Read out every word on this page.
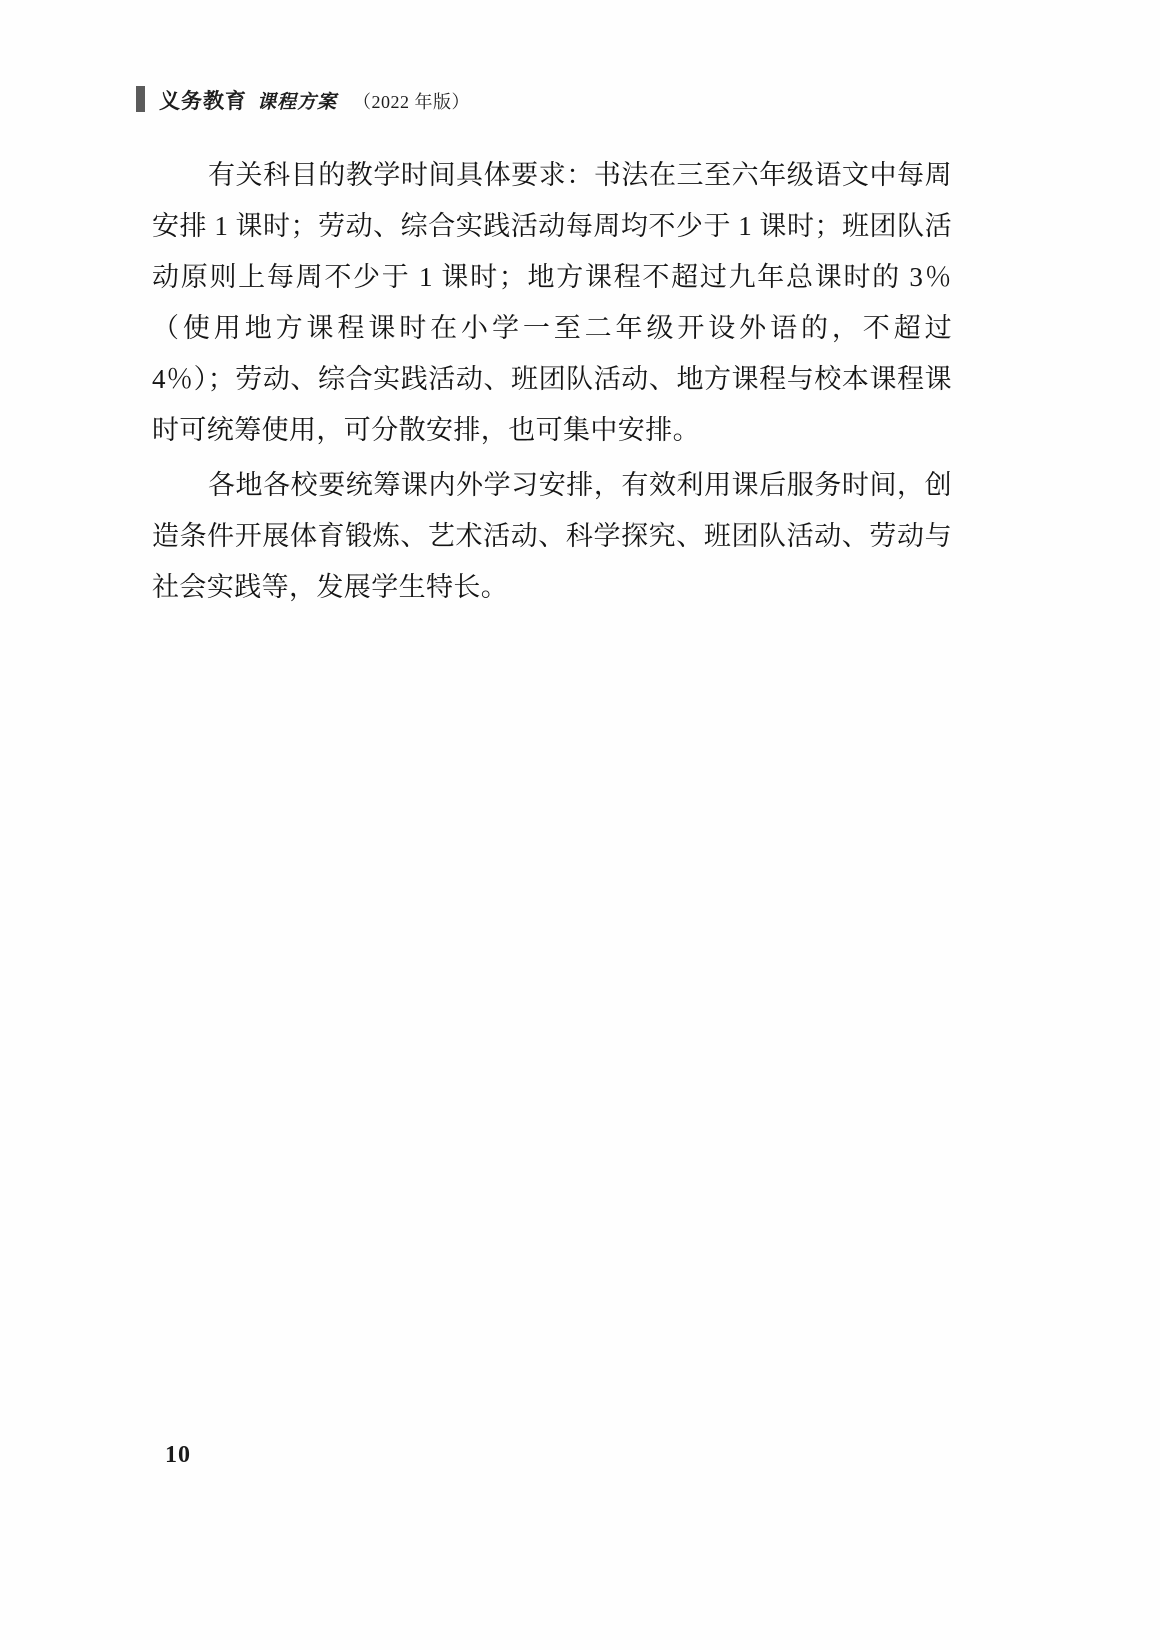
义务教育 课程方案 （2022 年版）

有关科目的教学时间具体要求：书法在三至六年级语文中每周安排 1 课时；劳动、综合实践活动每周均不少于 1 课时；班团队活动原则上每周不少于 1 课时；地方课程不超过九年总课时的 3％（使用地方课程课时在小学一至二年级开设外语的，不超过 4％）；劳动、综合实践活动、班团队活动、地方课程与校本课程课时可统筹使用，可分散安排，也可集中安排。

各地各校要统筹课内外学习安排，有效利用课后服务时间，创造条件开展体育锻炼、艺术活动、科学探究、班团队活动、劳动与社会实践等，发展学生特长。

10
